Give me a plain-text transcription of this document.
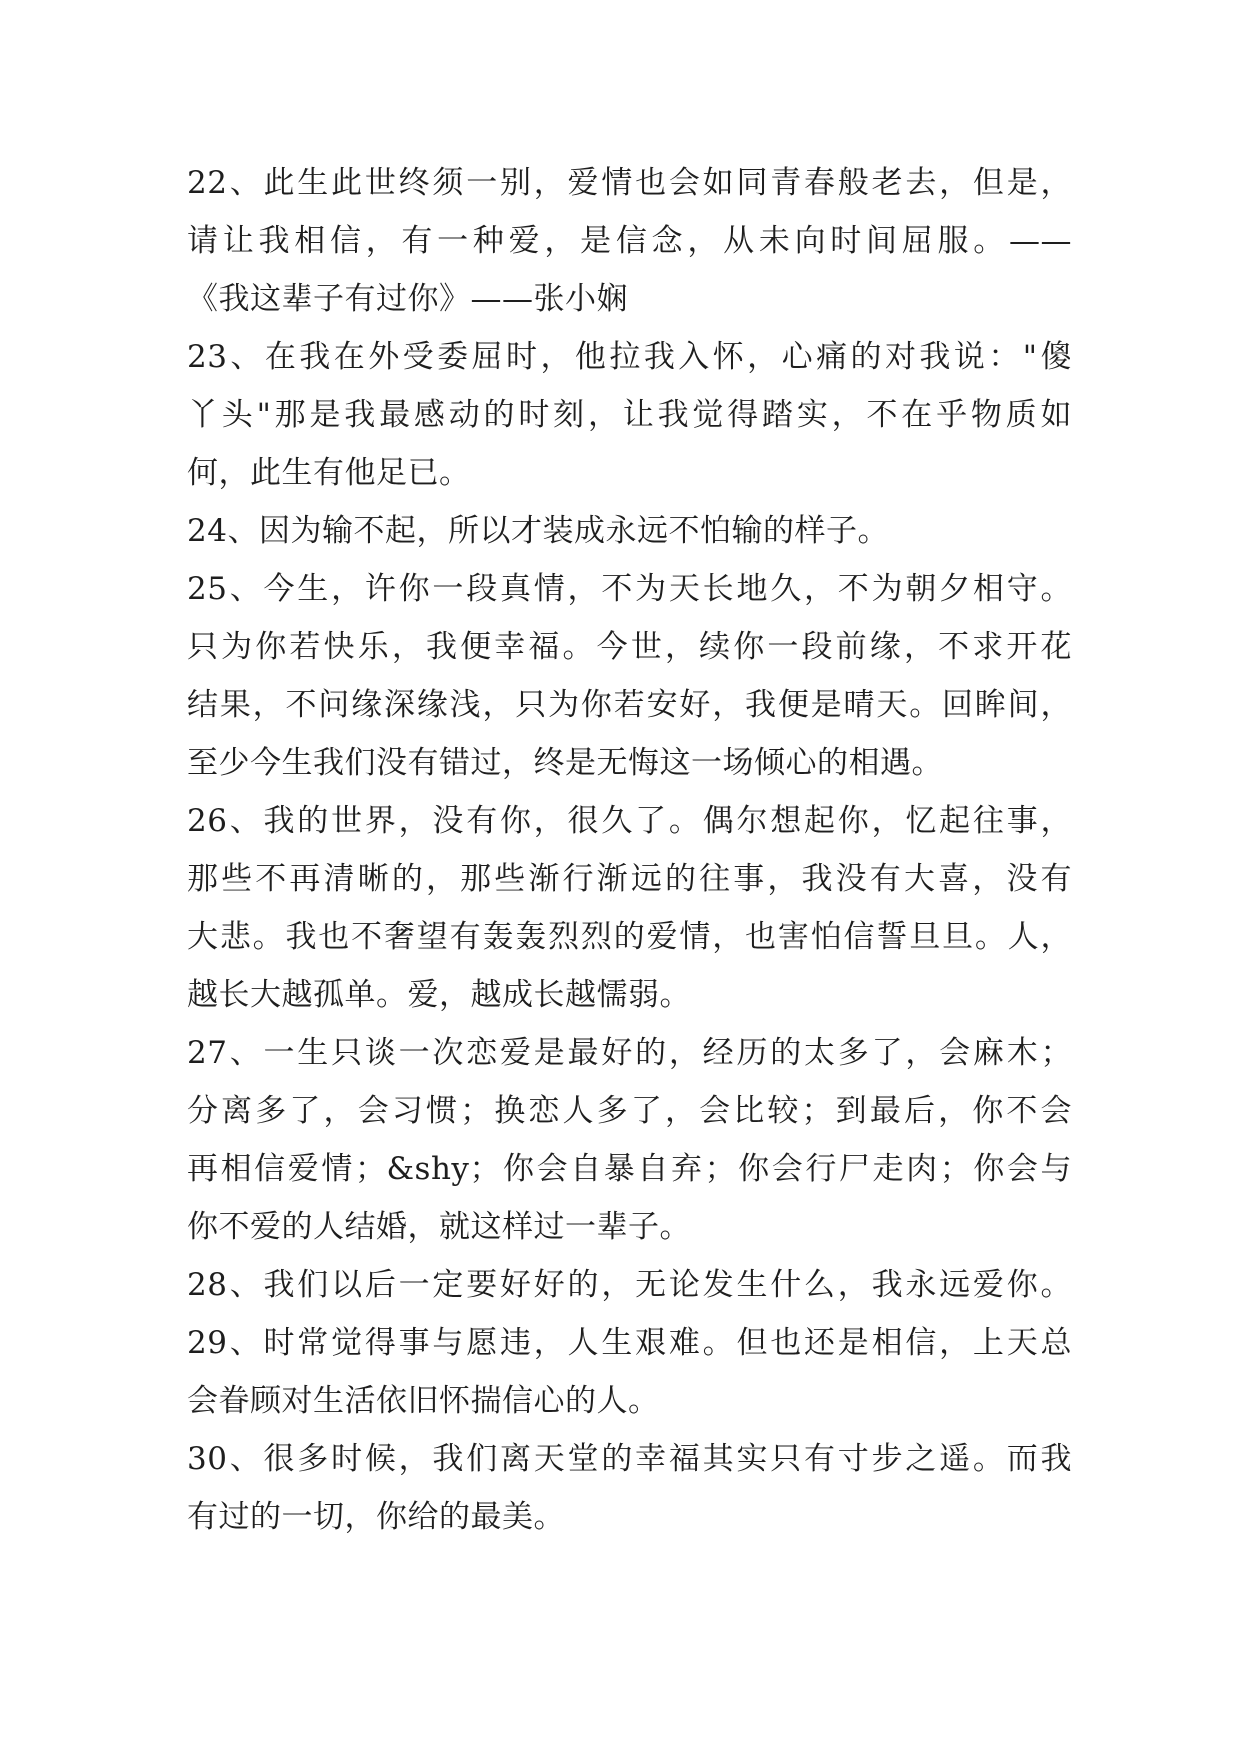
22、此生此世终须一别，爱情也会如同青春般老去，但是，
请让我相信，有一种爱，是信念，从未向时间屈服。——
《我这辈子有过你》——张小娴
23、在我在外受委屈时，他拉我入怀，心痛的对我说："傻
丫头"那是我最感动的时刻，让我觉得踏实，不在乎物质如
何，此生有他足已。
24、因为输不起，所以才装成永远不怕输的样子。
25、今生，许你一段真情，不为天长地久，不为朝夕相守。
只为你若快乐，我便幸福。今世，续你一段前缘，不求开花
结果，不问缘深缘浅，只为你若安好，我便是晴天。回眸间，
至少今生我们没有错过，终是无悔这一场倾心的相遇。
26、我的世界，没有你，很久了。偶尔想起你，忆起往事，
那些不再清晰的，那些渐行渐远的往事，我没有大喜，没有
大悲。我也不奢望有轰轰烈烈的爱情，也害怕信誓旦旦。人，
越长大越孤单。爱，越成长越懦弱。
27、一生只谈一次恋爱是最好的，经历的太多了，会麻木；
分离多了，会习惯；换恋人多了，会比较；到最后，你不会
再相信爱情；&shy；你会自暴自弃；你会行尸走肉；你会与
你不爱的人结婚，就这样过一辈子。
28、我们以后一定要好好的，无论发生什么，我永远爱你。
29、时常觉得事与愿违，人生艰难。但也还是相信，上天总
会眷顾对生活依旧怀揣信心的人。
30、很多时候，我们离天堂的幸福其实只有寸步之遥。而我
有过的一切，你给的最美。
